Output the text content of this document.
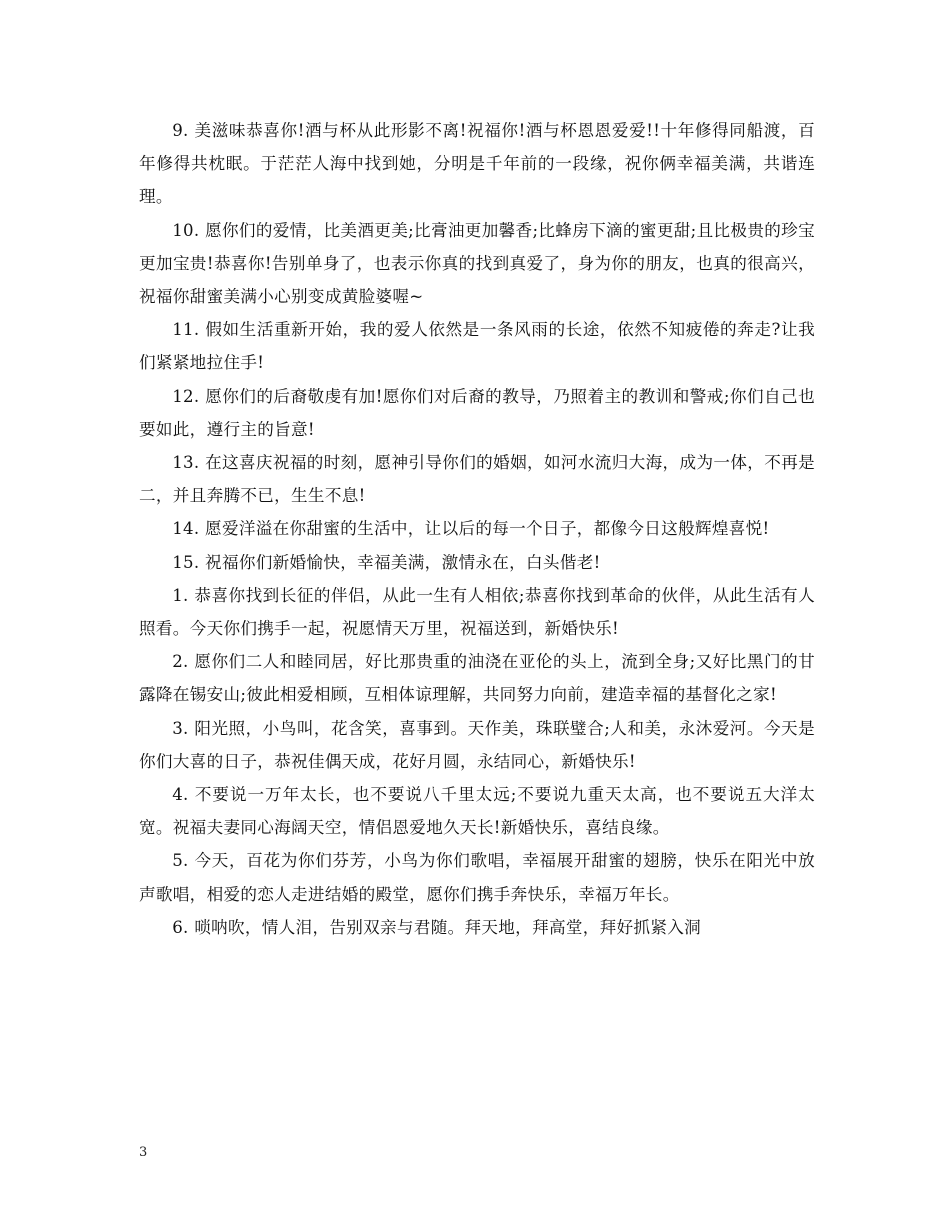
9. 美滋味恭喜你!酒与杯从此形影不离!祝福你!酒与杯恩恩爱爱!!十年修得同船渡，百年修得共枕眠。于茫茫人海中找到她，分明是千年前的一段缘，祝你俩幸福美满，共谐连理。

10. 愿你们的爱情，比美酒更美;比膏油更加馨香;比蜂房下滴的蜜更甜;且比极贵的珍宝更加宝贵!恭喜你!告别单身了，也表示你真的找到真爱了，身为你的朋友，也真的很高兴，祝福你甜蜜美满小心别变成黄脸婆喔~

11. 假如生活重新开始，我的爱人依然是一条风雨的长途，依然不知疲倦的奔走?让我们紧紧地拉住手!

12. 愿你们的后裔敬虔有加!愿你们对后裔的教导，乃照着主的教训和警戒;你们自己也要如此，遵行主的旨意!

13. 在这喜庆祝福的时刻，愿神引导你们的婚姻，如河水流归大海，成为一体，不再是 二，并且奔腾不已，生生不息!

14. 愿爱洋溢在你甜蜜的生活中，让以后的每一个日子，都像今日这般辉煌喜悦!

15. 祝福你们新婚愉快，幸福美满，激情永在，白头偕老!

1. 恭喜你找到长征的伴侣，从此一生有人相依;恭喜你找到革命的伙伴，从此生活有人照看。今天你们携手一起，祝愿情天万里，祝福送到，新婚快乐!

2. 愿你们二人和睦同居，好比那贵重的油浇在亚伦的头上，流到全身;又好比黑门的甘露降在锡安山;彼此相爱相顾，互相体谅理解，共同努力向前，建造幸福的基督化之家!

3. 阳光照，小鸟叫，花含笑，喜事到。天作美，珠联璧合;人和美，永沐爱河。今天是你们大喜的日子，恭祝佳偶天成，花好月圆，永结同心，新婚快乐!

4. 不要说一万年太长，也不要说八千里太远;不要说九重天太高，也不要说五大洋太宽。祝福夫妻同心海阔天空，情侣恩爱地久天长!新婚快乐，喜结良缘。

5. 今天，百花为你们芬芳，小鸟为你们歌唱，幸福展开甜蜜的翅膀，快乐在阳光中放声歌唱，相爱的恋人走进结婚的殿堂，愿你们携手奔快乐，幸福万年长。

6. 唢呐吹，情人泪，告别双亲与君随。拜天地，拜高堂，拜好抓紧入洞

3
